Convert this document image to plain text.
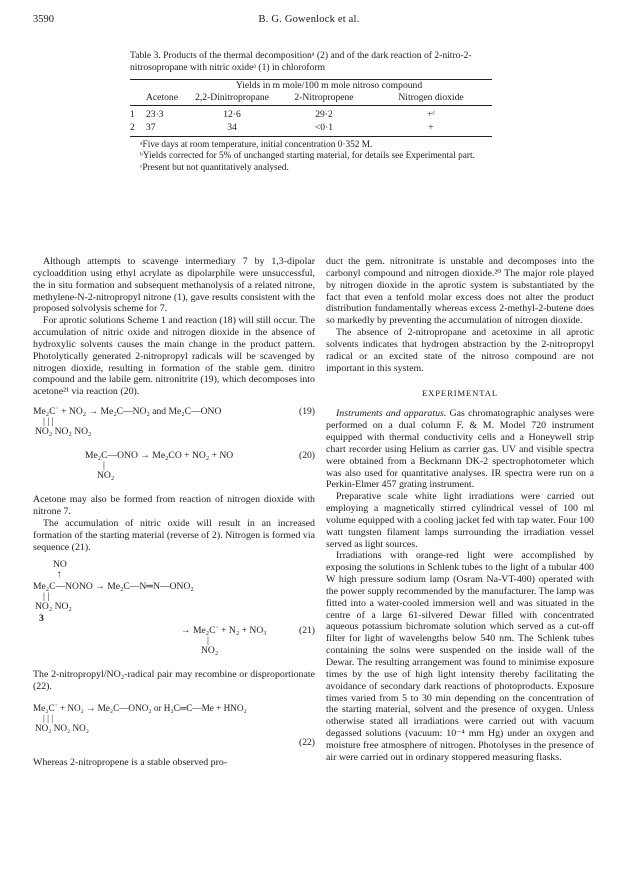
3590	B. G. Gowenlock et al.

Table 3. Products of the thermal decompositionᵃ (2) and of the dark reaction of 2-nitro-2-nitrosopropane with nitric oxideᵃ (1) in chloroform

Yields in m mole/100 m mole nitroso compound				
	Acetone	2,2-Dinitropropane	2-Nitropropene	Nitrogen dioxide

1	23·3	12·6	29·2	+ᶜ
2	37	34	<0·1	+

ᵃFive days at room temperature, initial concentration 0·352 M.

ᵇYields corrected for 5% of unchanged starting material, for details see Experimental part.

ᶜPresent but not quantitatively analysed.

Although attempts to scavenge intermediary 7 by 1,3-dipolar cycloaddition using ethyl acrylate as dipolarphile were unsuccessful, the in situ formation and subsequent methanolysis of a related nitrone, methylene-N-2-nitropropyl nitrone (1), gave results consistent with the proposed solvolysis scheme for 7.

For aprotic solutions Scheme 1 and reaction (18) will still occur. The accumulation of nitric oxide and nitrogen dioxide in the absence of hydroxylic solvents causes the main change in the product pattern. Photolytically generated 2-nitropropyl radicals will be scavenged by nitrogen dioxide, resulting in formation of the stable gem. dinitro compound and the labile gem. nitronitrite (19), which decomposes into acetone²¹ via reaction (20).

Me₂C˙ + NO₂ → Me₂C—NO₂ and Me₂C—ONO
| | |
NO₂ NO₂ NO₂
(19)
Me₂C—ONO → Me₂CO + NO₂ + NO
|
NO₂
(20)

Acetone may also be formed from reaction of nitrogen dioxide with nitrone 7.

The accumulation of nitric oxide will result in an increased formation of the starting material (reverse of 2). Nitrogen is formed via sequence (21).

NO
↑
Me₂C—NONO → Me₂C—N═N—ONO₂
| |
NO₂ NO₂
3
→ Me₂C˙ + N₂ + NO₃
|
NO₂
(21)

The 2-nitropropyl/NO₂-radical pair may recombine or disproportionate (22).

Me₂C˙ + NO₂ → Me₂C—ONO₂ or H₂C═C—Me + HNO₂
| | |
NO₂ NO₂ NO₂
(22)

Whereas 2-nitropropene is a stable observed pro-

duct the gem. nitronitrate is unstable and decomposes into the carbonyl compound and nitrogen dioxide.²⁰ The major role played by nitrogen dioxide in the aprotic system is substantiated by the fact that even a tenfold molar excess does not alter the product distribution fundamentally whereas excess 2-methyl-2-butene does so markedly by preventing the accumulation of nitrogen dioxide.

The absence of 2-nitropropane and acetoxime in all aprotic solvents indicates that hydrogen abstraction by the 2-nitropropyl radical or an excited state of the nitroso compound are not important in this system.

EXPERIMENTAL

Instruments and apparatus. Gas chromatographic analyses were performed on a dual column F. & M. Model 720 instrument equipped with thermal conductivity cells and a Honeywell strip chart recorder using Helium as carrier gas. UV and visible spectra were obtained from a Beckmann DK-2 spectrophotometer which was also used for quantitative analyses. IR spectra were run on a Perkin-Elmer 457 grating instrument.

Preparative scale white light irradiations were carried out employing a magnetically stirred cylindrical vessel of 100 ml volume equipped with a cooling jacket fed with tap water. Four 100 watt tungsten filament lamps surrounding the irradiation vessel served as light sources.

Irradiations with orange-red light were accomplished by exposing the solutions in Schlenk tubes to the light of a tubular 400 W high pressure sodium lamp (Osram Na-VT-400) operated with the power supply recommended by the manufacturer. The lamp was fitted into a water-cooled immersion well and was situated in the centre of a large 61-silvered Dewar filled with concentrated aqueous potassium bichromate solution which served as a cut-off filter for light of wavelengths below 540 nm. The Schlenk tubes containing the solns were suspended on the inside wall of the Dewar. The resulting arrangement was found to minimise exposure times by the use of high light intensity thereby facilitating the avoidance of secondary dark reactions of photoproducts. Exposure times varied from 5 to 30 min depending on the concentration of the starting material, solvent and the presence of oxygen. Unless otherwise stated all irradiations were carried out with vacuum degassed solutions (vacuum: 10⁻⁴ mm Hg) under an oxygen and moisture free atmosphere of nitrogen. Photolyses in the presence of air were carried out in ordinary stoppered measuring flasks.
